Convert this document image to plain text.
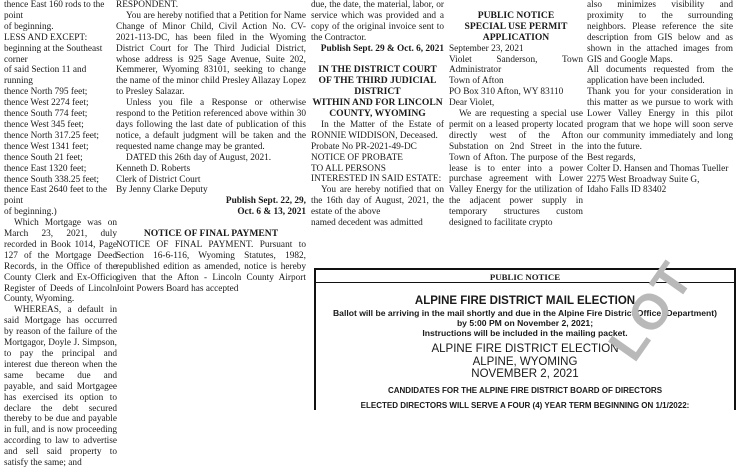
thence East 160 rods to the point

of beginning.

LESS AND EXCEPT:

beginning at the Southeast corner

of said Section 11 and running

thence North 795 feet;

thence West 2274 feet;

thence South 774 feet;

thence West 345 feet;

thence North 317.25 feet;

thence West 1341 feet;

thence South 21 feet;

thence East 1320 feet;

thence South 338.25 feet;

thence East 2640 feet to the point

of beginning.)

Which Mortgage was on March 23, 2021, duly recorded in Book 1014, Page 127 of the Mortgage Deed Records, in the Office of the County Clerk and Ex-Officio Register of Deeds of Lincoln County, Wyoming.

WHEREAS, a default in said Mortgage has occurred by reason of the failure of the Mortgagor, Doyle J. Simpson, to pay the principal and interest due thereon when the same became due and payable, and said Mortgagee has exercised its option to declare the debt secured thereby to be due and payable in full, and is now proceeding according to law to advertise and sell said property to satisfy the same; and

RESPONDENT.

You are hereby notified that a Petition for Name Change of Minor Child, Civil Action No. CV-2021-113-DC, has been filed in the Wyoming District Court for The Third Judicial District, whose address is 925 Sage Avenue, Suite 202, Kemmerer, Wyoming 83101, seeking to change the name of the minor child Presley Allazay Lopez to Presley Salazar.

Unless you file a Response or otherwise respond to the Petition referenced above within 30 days following the last date of publication of this notice, a default judgment will be taken and the requested name change may be granted.

DATED this 26th day of August, 2021.

Kenneth D. Roberts

Clerk of District Court

By Jenny Clarke Deputy

Publish Sept. 22, 29,

Oct. 6 & 13, 2021

NOTICE OF FINAL PAYMENT

NOTICE OF FINAL PAYMENT. Pursuant to Section 16-6-116, Wyoming Statutes, 1982, republished edition as amended, notice is hereby given that the Afton - Lincoln County Airport Joint Powers Board has accepted

due, the date, the material, labor, or service which was provided and a copy of the original invoice sent to the Contractor.

Publish Sept. 29 & Oct. 6, 2021

IN THE DISTRICT COURT

OF THE THIRD JUDICIAL

DISTRICT

WITHIN AND FOR LINCOLN

COUNTY, WYOMING

In the Matter of the Estate of RONNIE WIDDISON, Deceased.

Probate No PR-2021-49-DC

NOTICE OF PROBATE

TO ALL PERSONS INTERESTED IN SAID ESTATE:

You are hereby notified that on the 16th day of August, 2021, the estate of the above

named decedent was admitted

PUBLIC NOTICE

SPECIAL USE PERMIT

APPLICATION

September 23, 2021

Violet Sanderson, Town Administrator

Town of Afton

PO Box 310 Afton, WY 83110

Dear Violet,

We are requesting a special use permit on a leased property located directly west of the Afton Substation on 2nd Street in the Town of Afton. The purpose of the lease is to enter into a power purchase agreement with Lower Valley Energy for the utilization of the adjacent power supply in temporary structures custom designed to facilitate crypto

also minimizes visibility and proximity to the surrounding neighbors. Please reference the site description from GIS below and as shown in the attached images from GIS and Google Maps.

All documents requested from the application have been included.

Thank you for your consideration in this matter as we pursue to work with Lower Valley Energy in this pilot program that we hope will soon serve our community immediately and long into the future.

Best regards,

Colter D. Hansen and Thomas Tueller

2275 West Broadway Suite G,

Idaho Falls ID 83402

PUBLIC NOTICE
ALPINE FIRE DISTRICT MAIL ELECTION
Ballot will be arriving in the mail shortly and due in the Alpine Fire District Office (Department)
by 5:00 PM on November 2, 2021;
Instructions will be included in the mailing packet.
ALPINE FIRE DISTRICT ELECTION
ALPINE, WYOMING
NOVEMBER 2, 2021
CANDIDATES FOR THE ALPINE FIRE DISTRICT BOARD OF DIRECTORS
ELECTED DIRECTORS WILL SERVE A FOUR (4) YEAR TERM BEGINNING ON 1/1/2022:
LOT
